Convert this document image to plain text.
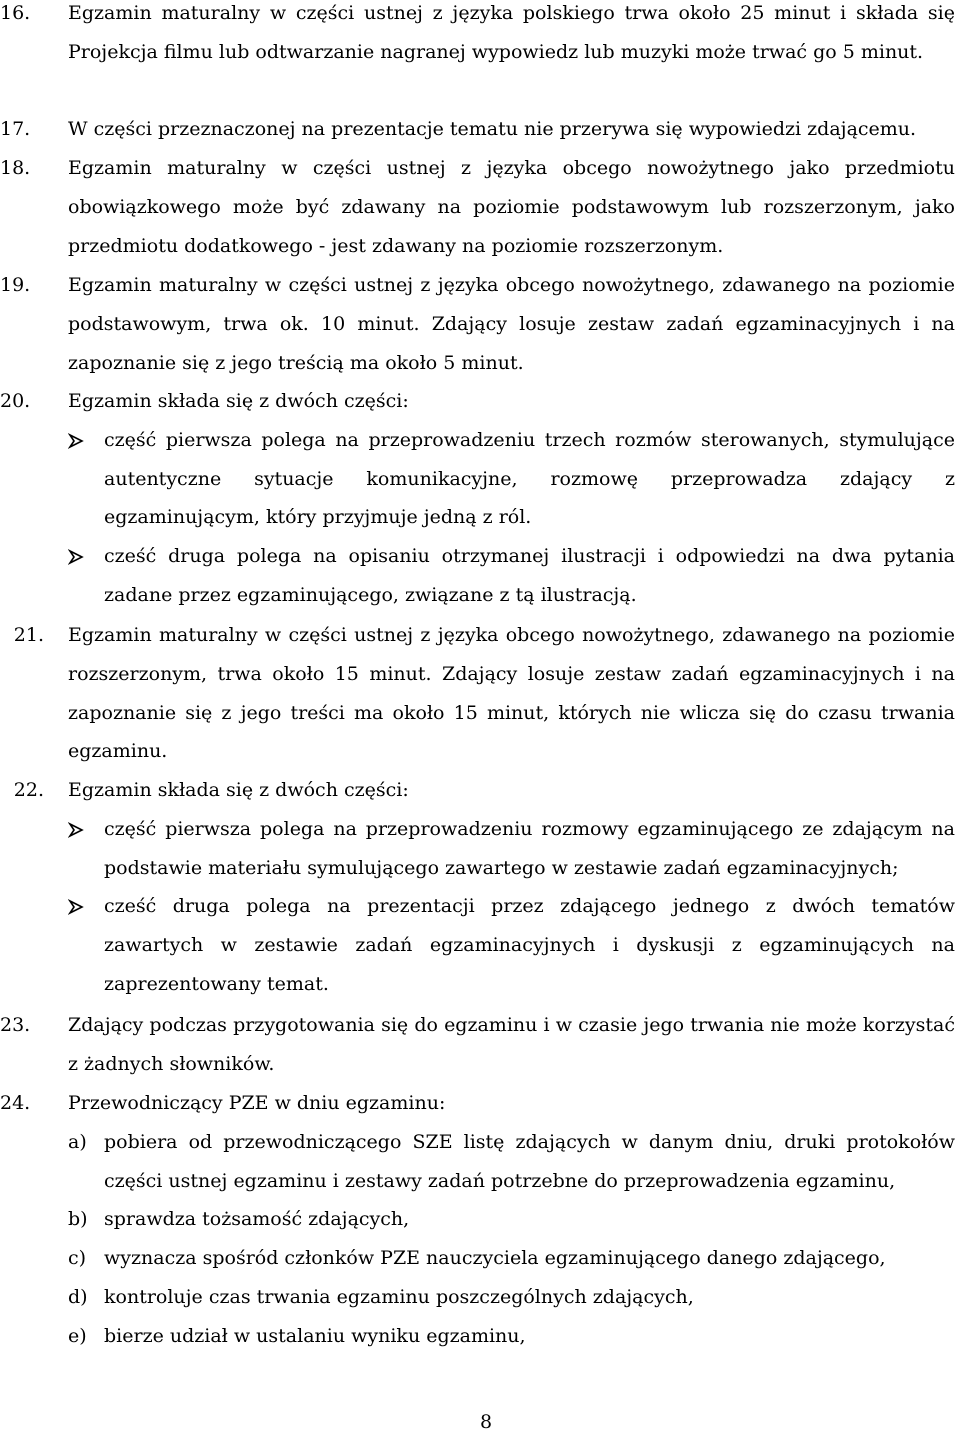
16.	Egzamin maturalny w części ustnej z języka polskiego trwa około 25 minut i składa się Projekcja filmu lub odtwarzanie nagranej wypowiedz lub muzyki może trwać go 5 minut.
17.	W części przeznaczonej na prezentacje tematu nie przerywa się wypowiedzi zdającemu.
18.	Egzamin maturalny w części ustnej z języka obcego nowożytnego jako przedmiotu obowiązkowego może być zdawany na poziomie podstawowym lub rozszerzonym, jako przedmiotu dodatkowego - jest zdawany na poziomie rozszerzonym.
19.	Egzamin maturalny w części ustnej z języka obcego nowożytnego, zdawanego na poziomie podstawowym, trwa ok. 10 minut. Zdający losuje zestaw zadań egzaminacyjnych i na zapoznanie się z jego treścią ma około 5 minut.
20.	Egzamin składa się z dwóch części:
część pierwsza polega na przeprowadzeniu trzech rozmów sterowanych, stymulujące autentyczne sytuacje komunikacyjne, rozmowę przeprowadza zdający z egzaminującym, który przyjmuje jedną z ról.
cześć druga polega na opisaniu otrzymanej ilustracji i odpowiedzi na dwa pytania zadane przez egzaminującego, związane z tą ilustracją.
21. Egzamin maturalny w części ustnej z języka obcego nowożytnego, zdawanego na poziomie rozszerzonym, trwa około 15 minut. Zdający losuje zestaw zadań egzaminacyjnych i na zapoznanie się z jego treści ma około 15 minut, których nie wlicza się do czasu trwania egzaminu.
22. Egzamin składa się z dwóch części:
część pierwsza polega na przeprowadzeniu rozmowy egzaminującego ze zdającym na podstawie materiału symulującego zawartego w zestawie zadań egzaminacyjnych;
cześć druga polega na prezentacji przez zdającego jednego z dwóch tematów zawartych w zestawie zadań egzaminacyjnych i dyskusji z egzaminujących na zaprezentowany temat.
23.	Zdający podczas przygotowania się do egzaminu i w czasie jego trwania nie może korzystać z żadnych słowników.
24.	Przewodniczący PZE w dniu egzaminu:
a) pobiera od przewodniczącego SZE listę zdających w danym dniu, druki protokołów części ustnej egzaminu i zestawy zadań potrzebne do przeprowadzenia egzaminu,
b) sprawdza tożsamość zdających,
c) wyznacza spośród członków PZE nauczyciela egzaminującego danego zdającego,
d) kontroluje czas trwania egzaminu poszczególnych zdających,
e) bierze udział w ustalaniu wyniku egzaminu,
8
